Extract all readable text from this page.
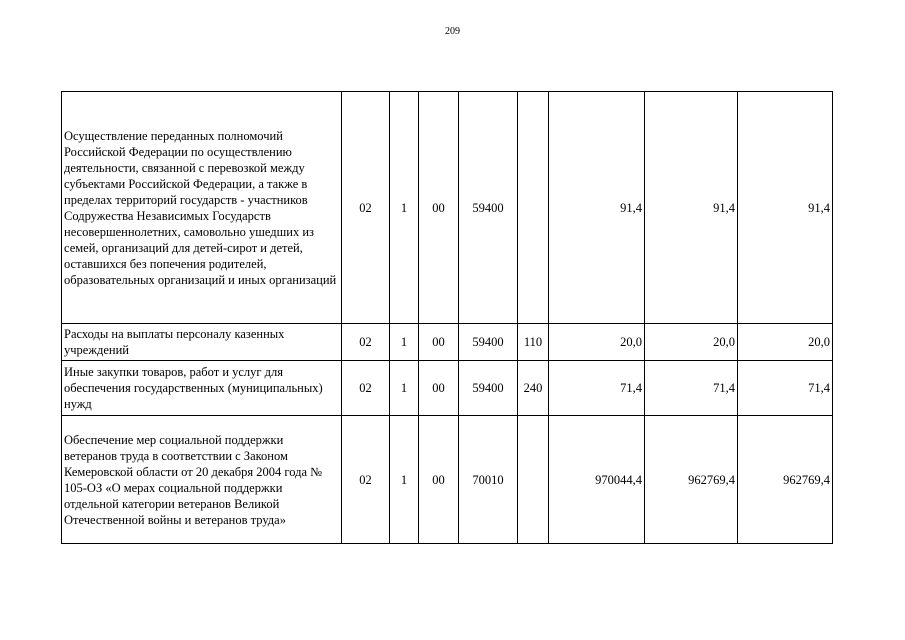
209
Осуществление переданных полномочий Российской Федерации по осуществлению деятельности, связанной с перевозкой между субъектами Российской Федерации, а также в пределах территорий государств - участников Содружества Независимых Государств несовершеннолетних, самовольно ушедших из семей, организаций для детей-сирот и детей, оставшихся без попечения родителей, образовательных организаций и иных организаций	02	1	00	59400		91,4	91,4	91,4
Расходы на выплаты персоналу казенных учреждений	02	1	00	59400	110	20,0	20,0	20,0
Иные закупки товаров, работ и услуг для обеспечения государственных (муниципальных) нужд	02	1	00	59400	240	71,4	71,4	71,4
Обеспечение мер социальной поддержки ветеранов труда в соответствии с Законом Кемеровской области от 20 декабря 2004 года № 105-ОЗ «О мерах социальной поддержки отдельной категории ветеранов Великой Отечественной войны и ветеранов труда»	02	1	00	70010		970044,4	962769,4	962769,4
